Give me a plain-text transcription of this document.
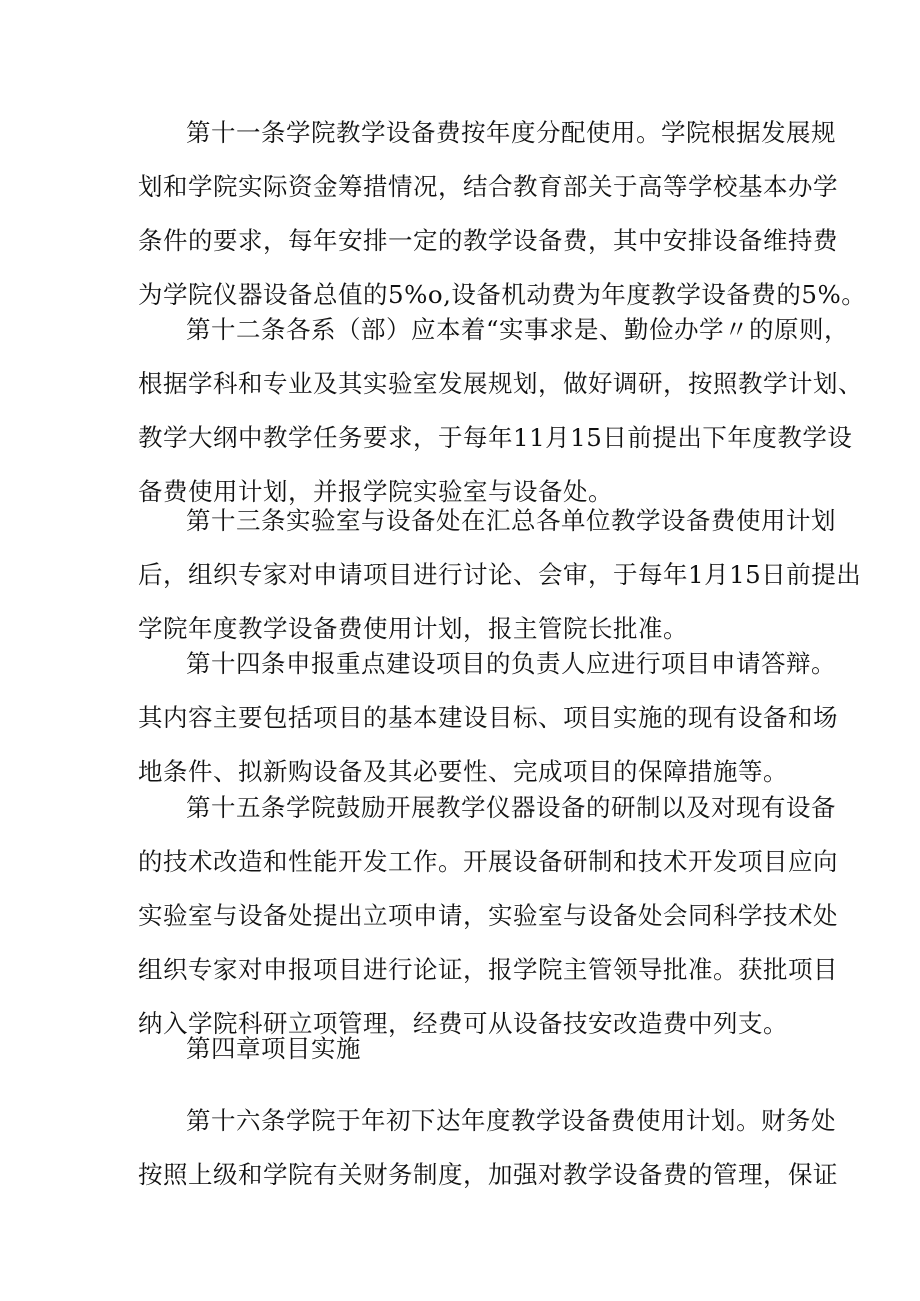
第十一条学院教学设备费按年度分配使用。学院根据发展规
划和学院实际资金筹措情况，结合教育部关于高等学校基本办学
条件的要求，每年安排一定的教学设备费，其中安排设备维持费
为学院仪器设备总值的5%o,设备机动费为年度教学设备费的5%。
第十二条各系（部）应本着“实事求是、勤俭办学〃的原则，
根据学科和专业及其实验室发展规划，做好调研，按照教学计划、
教学大纲中教学任务要求，于每年11月15日前提出下年度教学设
备费使用计划，并报学院实验室与设备处。
第十三条实验室与设备处在汇总各单位教学设备费使用计划
后，组织专家对申请项目进行讨论、会审，于每年1月15日前提出
学院年度教学设备费使用计划，报主管院长批准。
第十四条申报重点建设项目的负责人应进行项目申请答辩。
其内容主要包括项目的基本建设目标、项目实施的现有设备和场
地条件、拟新购设备及其必要性、完成项目的保障措施等。
第十五条学院鼓励开展教学仪器设备的研制以及对现有设备
的技术改造和性能开发工作。开展设备研制和技术开发项目应向
实验室与设备处提出立项申请，实验室与设备处会同科学技术处
组织专家对申报项目进行论证，报学院主管领导批准。获批项目
纳入学院科研立项管理，经费可从设备技安改造费中列支。
第四章项目实施
第十六条学院于年初下达年度教学设备费使用计划。财务处
按照上级和学院有关财务制度，加强对教学设备费的管理，保证
